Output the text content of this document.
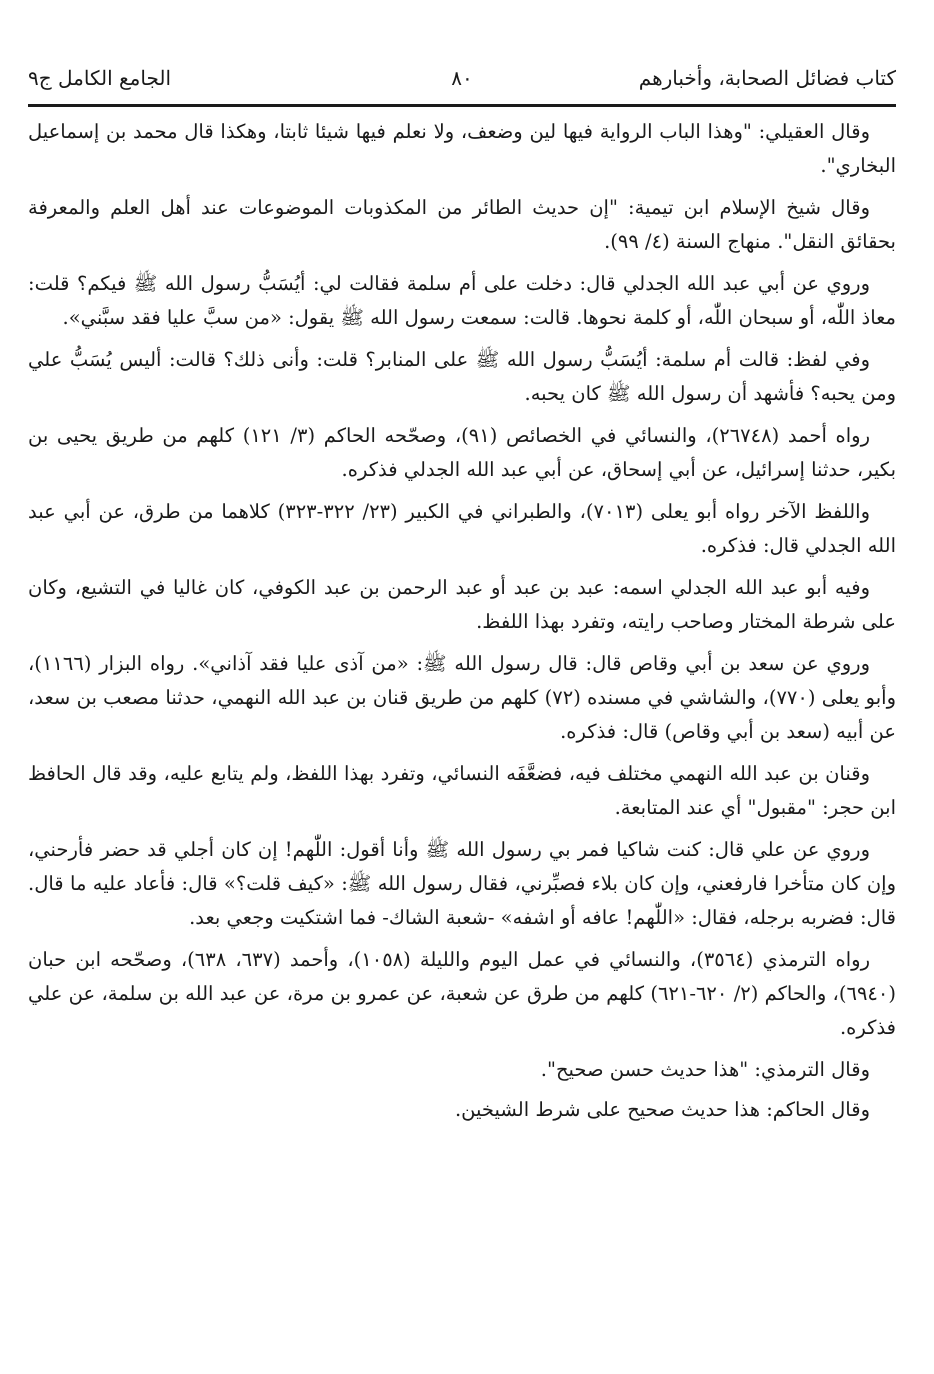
كتاب فضائل الصحابة، وأخبارهم
٨٠
الجامع الكامل ج٩

وقال العقيلي: "وهذا الباب الرواية فيها لين وضعف، ولا نعلم فيها شيئا ثابتا، وهكذا قال محمد بن إسماعيل البخاري".

وقال شيخ الإسلام ابن تيمية: "إن حديث الطائر من المكذوبات الموضوعات عند أهل العلم والمعرفة بحقائق النقل". منهاج السنة (٤/ ٩٩).

وروي عن أبي عبد الله الجدلي قال: دخلت على أم سلمة فقالت لي: أيُسَبُّ رسول الله ﷺ فيكم؟ قلت: معاذ اللّٰه، أو سبحان اللّٰه، أو كلمة نحوها. قالت: سمعت رسول الله ﷺ يقول: «من سبَّ عليا فقد سبَّني».

وفي لفظ: قالت أم سلمة: أيُسَبُّ رسول الله ﷺ على المنابر؟ قلت: وأنى ذلك؟ قالت: أليس يُسَبُّ علي ومن يحبه؟ فأشهد أن رسول الله ﷺ كان يحبه.

رواه أحمد (٢٦٧٤٨)، والنسائي في الخصائص (٩١)، وصحّحه الحاكم (٣/ ١٢١) كلهم من طريق يحيى بن بكير، حدثنا إسرائيل، عن أبي إسحاق، عن أبي عبد الله الجدلي فذكره.

واللفظ الآخر رواه أبو يعلى (٧٠١٣)، والطبراني في الكبير (٢٣/ ٣٢٢-٣٢٣) كلاهما من طرق، عن أبي عبد الله الجدلي قال: فذكره.

وفيه أبو عبد الله الجدلي اسمه: عبد بن عبد أو عبد الرحمن بن عبد الكوفي، كان غاليا في التشيع، وكان على شرطة المختار وصاحب رايته، وتفرد بهذا اللفظ.

وروي عن سعد بن أبي وقاص قال: قال رسول الله ﷺ: «من آذى عليا فقد آذاني». رواه البزار (١١٦٦)، وأبو يعلى (٧٧٠)، والشاشي في مسنده (٧٢) كلهم من طريق قنان بن عبد الله النهمي، حدثنا مصعب بن سعد، عن أبيه (سعد بن أبي وقاص) قال: فذكره.

وقنان بن عبد الله النهمي مختلف فيه، فضعَّفَه النسائي، وتفرد بهذا اللفظ، ولم يتابع عليه، وقد قال الحافظ ابن حجر: "مقبول" أي عند المتابعة.

وروي عن علي قال: كنت شاكيا فمر بي رسول الله ﷺ وأنا أقول: اللّٰهم! إن كان أجلي قد حضر فأرحني، وإن كان متأخرا فارفعني، وإن كان بلاء فصبِّرني، فقال رسول الله ﷺ: «كيف قلت؟» قال: فأعاد عليه ما قال. قال: فضربه برجله، فقال: «اللّٰهم! عافه أو اشفه» -شعبة الشاك- فما اشتكيت وجعي بعد.

رواه الترمذي (٣٥٦٤)، والنسائي في عمل اليوم والليلة (١٠٥٨)، وأحمد (٦٣٧، ٦٣٨)، وصحّحه ابن حبان (٦٩٤٠)، والحاكم (٢/ ٦٢٠-٦٢١) كلهم من طرق عن شعبة، عن عمرو بن مرة، عن عبد الله بن سلمة، عن علي فذكره.

وقال الترمذي: "هذا حديث حسن صحيح".

وقال الحاكم: هذا حديث صحيح على شرط الشيخين.
